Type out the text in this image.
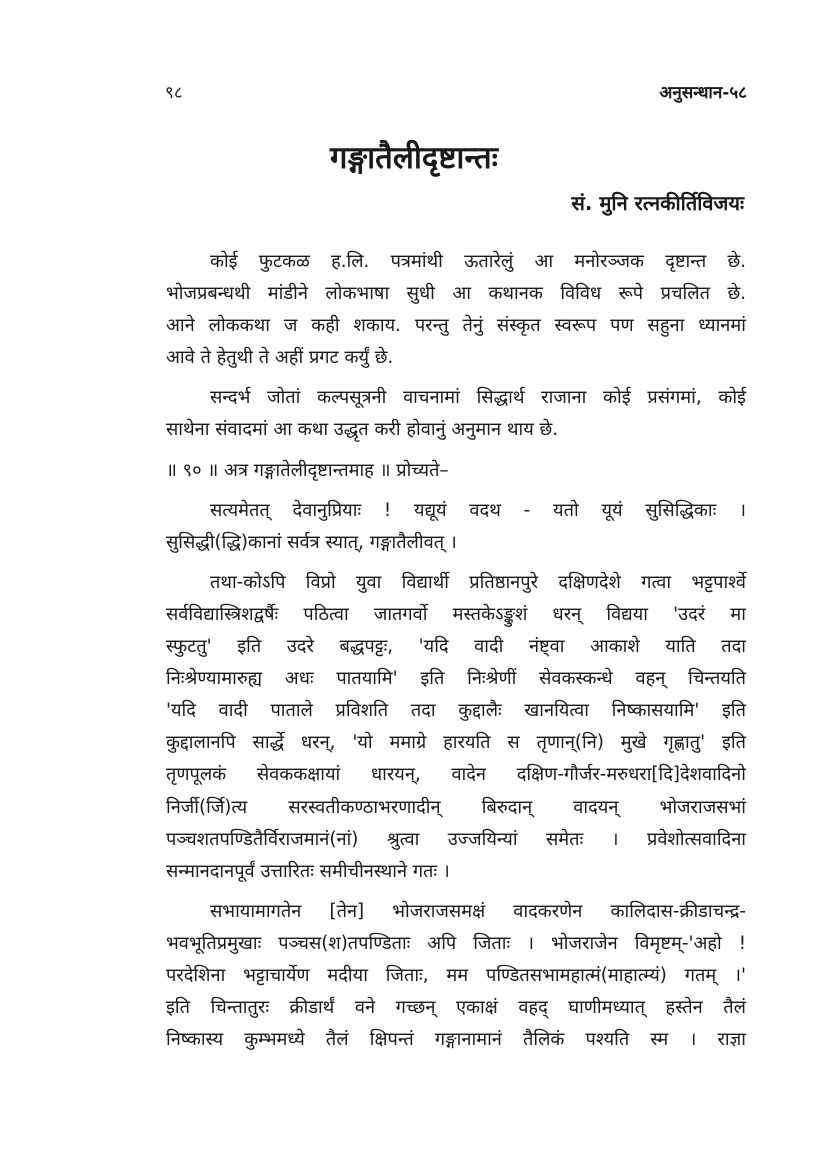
९८	अनुसन्धान-५८
गङ्गातैलीदृष्टान्तः
सं. मुनि रत्नकीर्तिविजयः
कोई फुटकळ ह.लि. पत्रमांथी ऊतारेलुं आ मनोरञ्जक दृष्टान्त छे.
भोजप्रबन्धथी मांडीने लोकभाषा सुधी आ कथानक विविध रूपे प्रचलित छे.
आने लोककथा ज कही शकाय. परन्तु तेनुं संस्कृत स्वरूप पण सहुना ध्यानमां
आवे ते हेतुथी ते अहीं प्रगट कर्युं छे.
सन्दर्भ जोतां कल्पसूत्रनी वाचनामां सिद्धार्थ राजाना कोई प्रसंगमां, कोई
साथेना संवादमां आ कथा उद्धृत करी होवानुं अनुमान थाय छे.
॥ ९० ॥ अत्र गङ्गातेलीदृष्टान्तमाह ॥ प्रोच्यते–
सत्यमेतत् देवानुप्रियाः ! यद्यूयं वदथ - यतो यूयं सुसिद्धिकाः ।
सुसिद्धी(द्धि)कानां सर्वत्र स्यात्, गङ्गातैलीवत् ।
तथा-कोऽपि विप्रो युवा विद्यार्थी प्रतिष्ठानपुरे दक्षिणदेशे गत्वा भट्टपार्श्वे
सर्वविद्यास्त्रिशद्वर्षैः पठित्वा जातगर्वो मस्तकेऽङ्कुशं धरन् विद्यया 'उदरं मा
स्फुटतु' इति उदरे बद्धपट्टः, 'यदि वादी नंष्ट्वा आकाशे याति तदा
निःश्रेण्यामारुह्य अधः पातयामि' इति निःश्रेणीं सेवकस्कन्धे वहन् चिन्तयति
'यदि वादी पाताले प्रविशति तदा कुद्दालैः खानयित्वा निष्कासयामि' इति
कुद्दालानपि सार्द्धे धरन्, 'यो ममाग्रे हारयति स तृणान्(नि) मुखे गृह्णातु' इति
तृणपूलकं सेवककक्षायां धारयन्, वादेन दक्षिण-गौर्जर-मरुधरा[दि]देशवादिनो
निर्जी(र्जि)त्य सरस्वतीकण्ठाभरणादीन् बिरुदान् वादयन् भोजराजसभां
पञ्चशतपण्डितैर्विराजमानं(नां) श्रुत्वा उज्जयिन्यां समेतः । प्रवेशोत्सवादिना
सन्मानदानपूर्वं उत्तारितः समीचीनस्थाने गतः ।
सभायामागतेन [तेन] भोजराजसमक्षं वादकरणेन कालिदास-क्रीडाचन्द्र-
भवभूतिप्रमुखाः पञ्चस(श)तपण्डिताः अपि जिताः । भोजराजेन विमृष्टम्-'अहो !
परदेशिना भट्टाचार्येण मदीया जिताः, मम पण्डितसभामहात्मं(माहात्म्यं) गतम् ।'
इति चिन्तातुरः क्रीडार्थं वने गच्छन् एकाक्षं वहद् घाणीमध्यात् हस्तेन तैलं
निष्कास्य कुम्भमध्ये तैलं क्षिपन्तं गङ्गानामानं तैलिकं पश्यति स्म । राज्ञा
